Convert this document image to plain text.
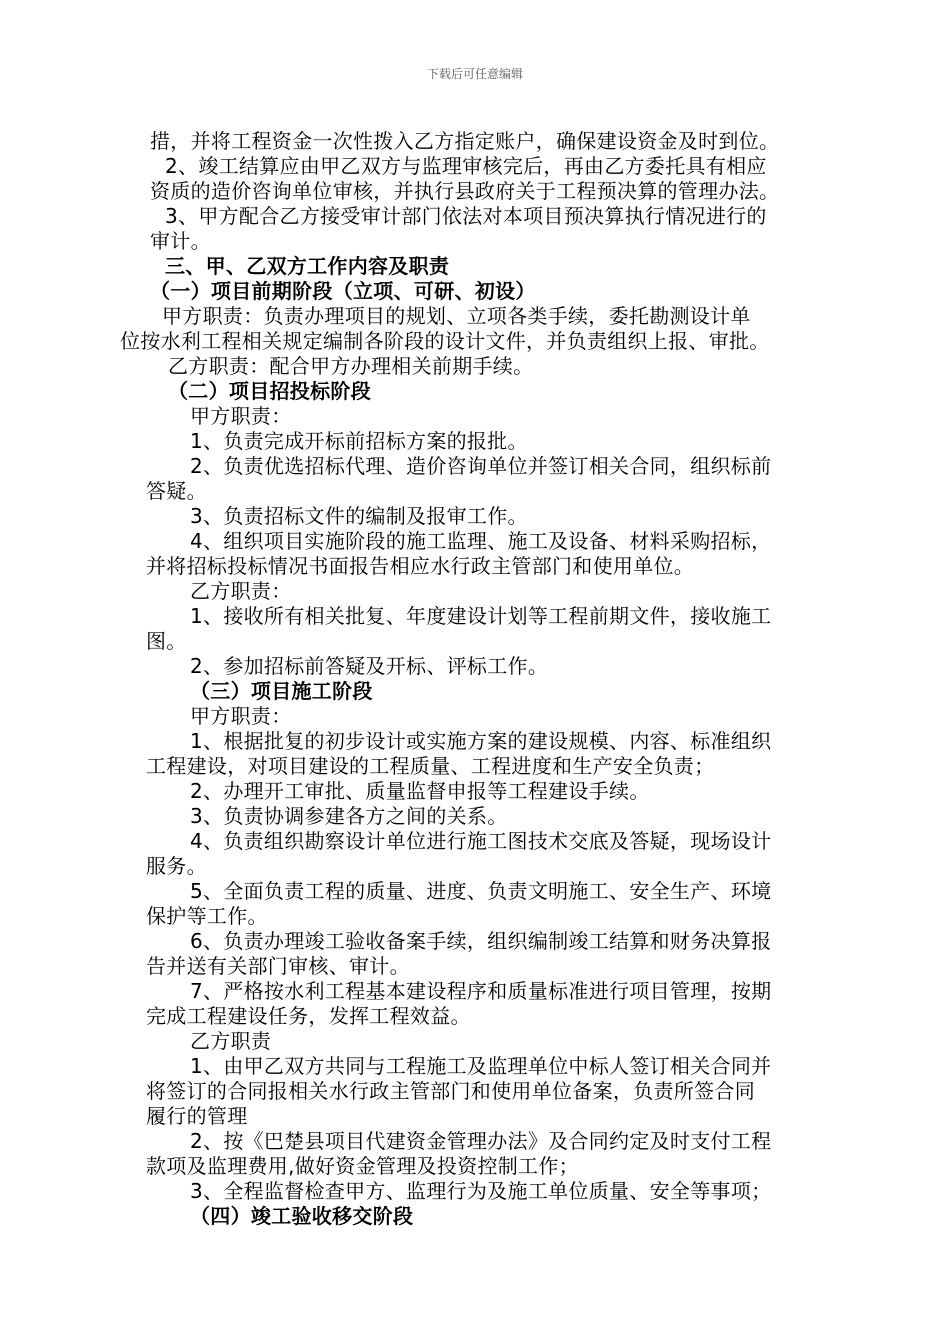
下载后可任意编辑
措，并将工程资金一次性拨入乙方指定账户，确保建设资金及时到位。
2、竣工结算应由甲乙双方与监理审核完后，再由乙方委托具有相应
资质的造价咨询单位审核，并执行县政府关于工程预决算的管理办法。
3、甲方配合乙方接受审计部门依法对本项目预决算执行情况进行的
审计。
三、甲、乙双方工作内容及职责
（一）项目前期阶段（立项、可研、初设）
甲方职责：负责办理项目的规划、立项各类手续，委托勘测设计单
位按水利工程相关规定编制各阶段的设计文件，并负责组织上报、审批。
乙方职责：配合甲方办理相关前期手续。
（二）项目招投标阶段
甲方职责：
1、负责完成开标前招标方案的报批。
2、负责优选招标代理、造价咨询单位并签订相关合同，组织标前
答疑。
3、负责招标文件的编制及报审工作。
4、组织项目实施阶段的施工监理、施工及设备、材料采购招标，
并将招标投标情况书面报告相应水行政主管部门和使用单位。
乙方职责：
1、接收所有相关批复、年度建设计划等工程前期文件，接收施工
图。
2、参加招标前答疑及开标、评标工作。
（三）项目施工阶段
甲方职责：
1、根据批复的初步设计或实施方案的建设规模、内容、标准组织
工程建设，对项目建设的工程质量、工程进度和生产安全负责；
2、办理开工审批、质量监督申报等工程建设手续。
3、负责协调参建各方之间的关系。
4、负责组织勘察设计单位进行施工图技术交底及答疑，现场设计
服务。
5、全面负责工程的质量、进度、负责文明施工、安全生产、环境
保护等工作。
6、负责办理竣工验收备案手续，组织编制竣工结算和财务决算报
告并送有关部门审核、审计。
7、严格按水利工程基本建设程序和质量标准进行项目管理，按期
完成工程建设任务，发挥工程效益。
乙方职责
1、由甲乙双方共同与工程施工及监理单位中标人签订相关合同并
将签订的合同报相关水行政主管部门和使用单位备案，负责所签合同
履行的管理
2、按《巴楚县项目代建资金管理办法》及合同约定及时支付工程
款项及监理费用,做好资金管理及投资控制工作；
3、全程监督检查甲方、监理行为及施工单位质量、安全等事项；
（四）竣工验收移交阶段
